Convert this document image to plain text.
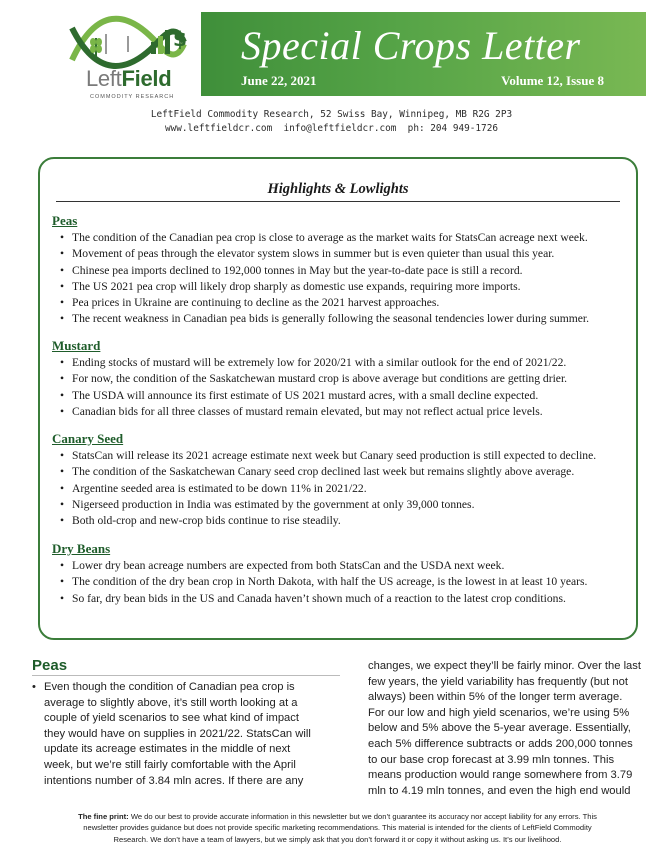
$
LeftField
COMMODITY RESEARCH
Special Crops Letter
June 22, 2021	Volume 12, Issue 8
LeftField Commodity Research, 52 Swiss Bay, Winnipeg, MB R2G 2P3
www.leftfieldcr.com  info@leftfieldcr.com  ph: 204 949-1726
Highlights & Lowlights
Peas
• The condition of the Canadian pea crop is close to average as the market waits for StatsCan acreage next week.
• Movement of peas through the elevator system slows in summer but is even quieter than usual this year.
• Chinese pea imports declined to 192,000 tonnes in May but the year-to-date pace is still a record.
• The US 2021 pea crop will likely drop sharply as domestic use expands, requiring more imports.
• Pea prices in Ukraine are continuing to decline as the 2021 harvest approaches.
• The recent weakness in Canadian pea bids is generally following the seasonal tendencies lower during summer.
Mustard
• Ending stocks of mustard will be extremely low for 2020/21 with a similar outlook for the end of 2021/22.
• For now, the condition of the Saskatchewan mustard crop is above average but conditions are getting drier.
• The USDA will announce its first estimate of US 2021 mustard acres, with a small decline expected.
• Canadian bids for all three classes of mustard remain elevated, but may not reflect actual price levels.
Canary Seed
• StatsCan will release its 2021 acreage estimate next week but Canary seed production is still expected to decline.
• The condition of the Saskatchewan Canary seed crop declined last week but remains slightly above average.
• Argentine seeded area is estimated to be down 11% in 2021/22.
• Nigerseed production in India was estimated by the government at only 39,000 tonnes.
• Both old-crop and new-crop bids continue to rise steadily.
Dry Beans
• Lower dry bean acreage numbers are expected from both StatsCan and the USDA next week.
• The condition of the dry bean crop in North Dakota, with half the US acreage, is the lowest in at least 10 years.
• So far, dry bean bids in the US and Canada haven’t shown much of a reaction to the latest crop conditions.
Peas
• Even though the condition of Canadian pea crop is
average to slightly above, it’s still worth looking at a
couple of yield scenarios to see what kind of impact
they would have on supplies in 2021/22. StatsCan will
update its acreage estimates in the middle of next
week, but we’re still fairly comfortable with the April
intentions number of 3.84 mln acres. If there are any
changes, we expect they’ll be fairly minor. Over the last
few years, the yield variability has frequently (but not
always) been within 5% of the longer term average.
For our low and high yield scenarios, we’re using 5%
below and 5% above the 5-year average. Essentially,
each 5% difference subtracts or adds 200,000 tonnes
to our base crop forecast at 3.99 mln tonnes. This
means production would range somewhere from 3.79
mln to 4.19 mln tonnes, and even the high end would
The fine print: We do our best to provide accurate information in this newsletter but we don’t guarantee its accuracy nor accept liability for any errors. This
newsletter provides guidance but does not provide specific marketing recommendations. This material is intended for the clients of LeftField Commodity
Research. We don’t have a team of lawyers, but we simply ask that you don’t forward it or copy it without asking us. It’s our livelihood.
